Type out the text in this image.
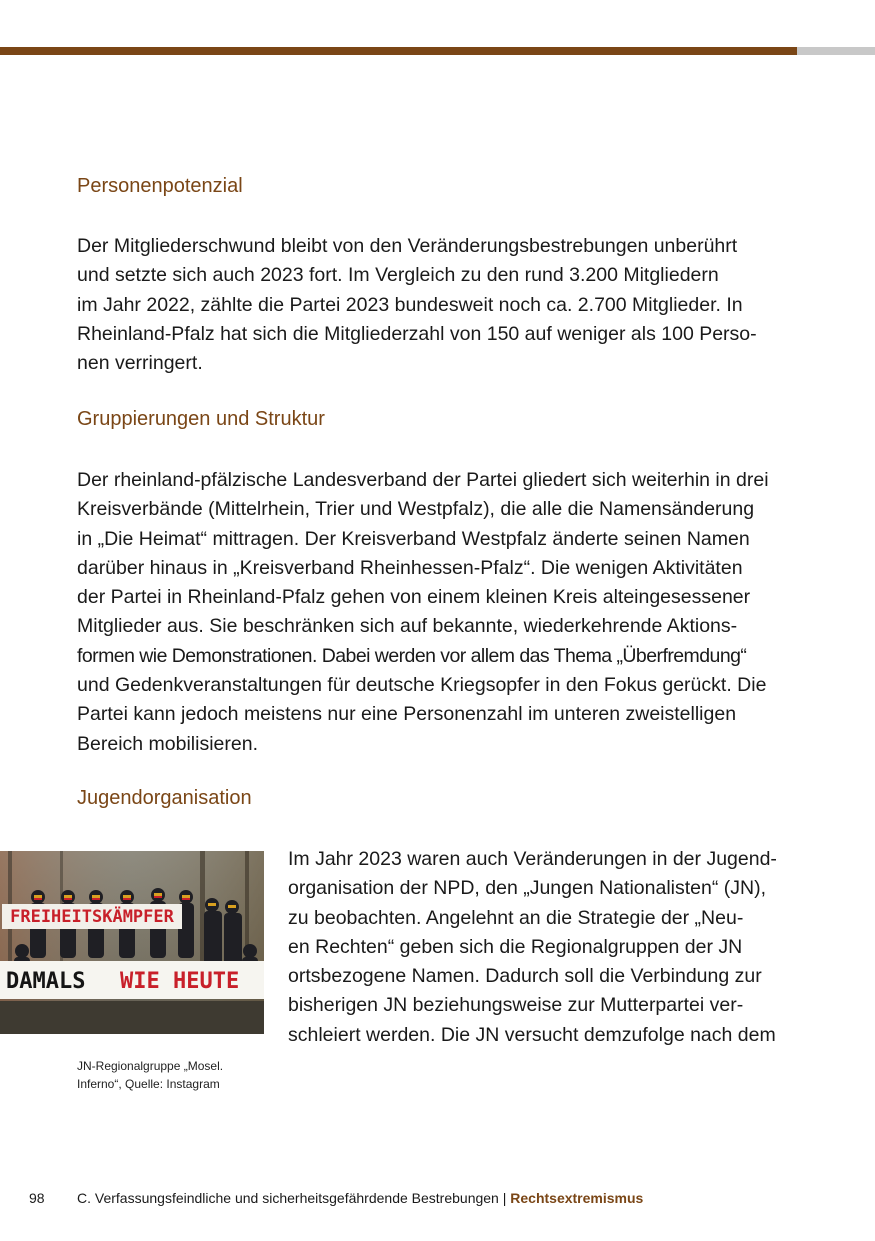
Personenpotenzial

Der Mitgliederschwund bleibt von den Veränderungsbestrebungen unberührt
und setzte sich auch 2023 fort. Im Vergleich zu den rund 3.200 Mitgliedern
im Jahr 2022, zählte die Partei 2023 bundesweit noch ca. 2.700 Mitglieder. In
Rheinland-Pfalz hat sich die Mitgliederzahl von 150 auf weniger als 100 Perso-
nen verringert.

Gruppierungen und Struktur

Der rheinland-pfälzische Landesverband der Partei gliedert sich weiterhin in drei
Kreisverbände (Mittelrhein, Trier und Westpfalz), die alle die Namensänderung
in „Die Heimat“ mittragen. Der Kreisverband Westpfalz änderte seinen Namen
darüber hinaus in „Kreisverband Rheinhessen-Pfalz“. Die wenigen Aktivitäten
der Partei in Rheinland-Pfalz gehen von einem kleinen Kreis alteingesessener
Mitglieder aus. Sie beschränken sich auf bekannte, wiederkehrende Aktions-
formen wie Demonstrationen. Dabei werden vor allem das Thema „Überfremdung“
und Gedenkveranstaltungen für deutsche Kriegsopfer in den Fokus gerückt. Die
Partei kann jedoch meistens nur eine Personenzahl im unteren zweistelligen
Bereich mobilisieren.

Jugendorganisation
FREIHEITSKÄMPFER
DAMALS WIE HEUTE
JN-Regionalgruppe „Mosel.
Inferno“, Quelle: Instagram

Im Jahr 2023 waren auch Veränderungen in der Jugend-
organisation der NPD, den „Jungen Nationalisten“ (JN),
zu beobachten. Angelehnt an die Strategie der „Neu-
en Rechten“ geben sich die Regionalgruppen der JN
ortsbezogene Namen. Dadurch soll die Verbindung zur
bisherigen JN beziehungsweise zur Mutterpartei ver-
schleiert werden. Die JN versucht demzufolge nach dem

98 C. Verfassungsfeindliche und sicherheitsgefährdende Bestrebungen | Rechtsextremismus
